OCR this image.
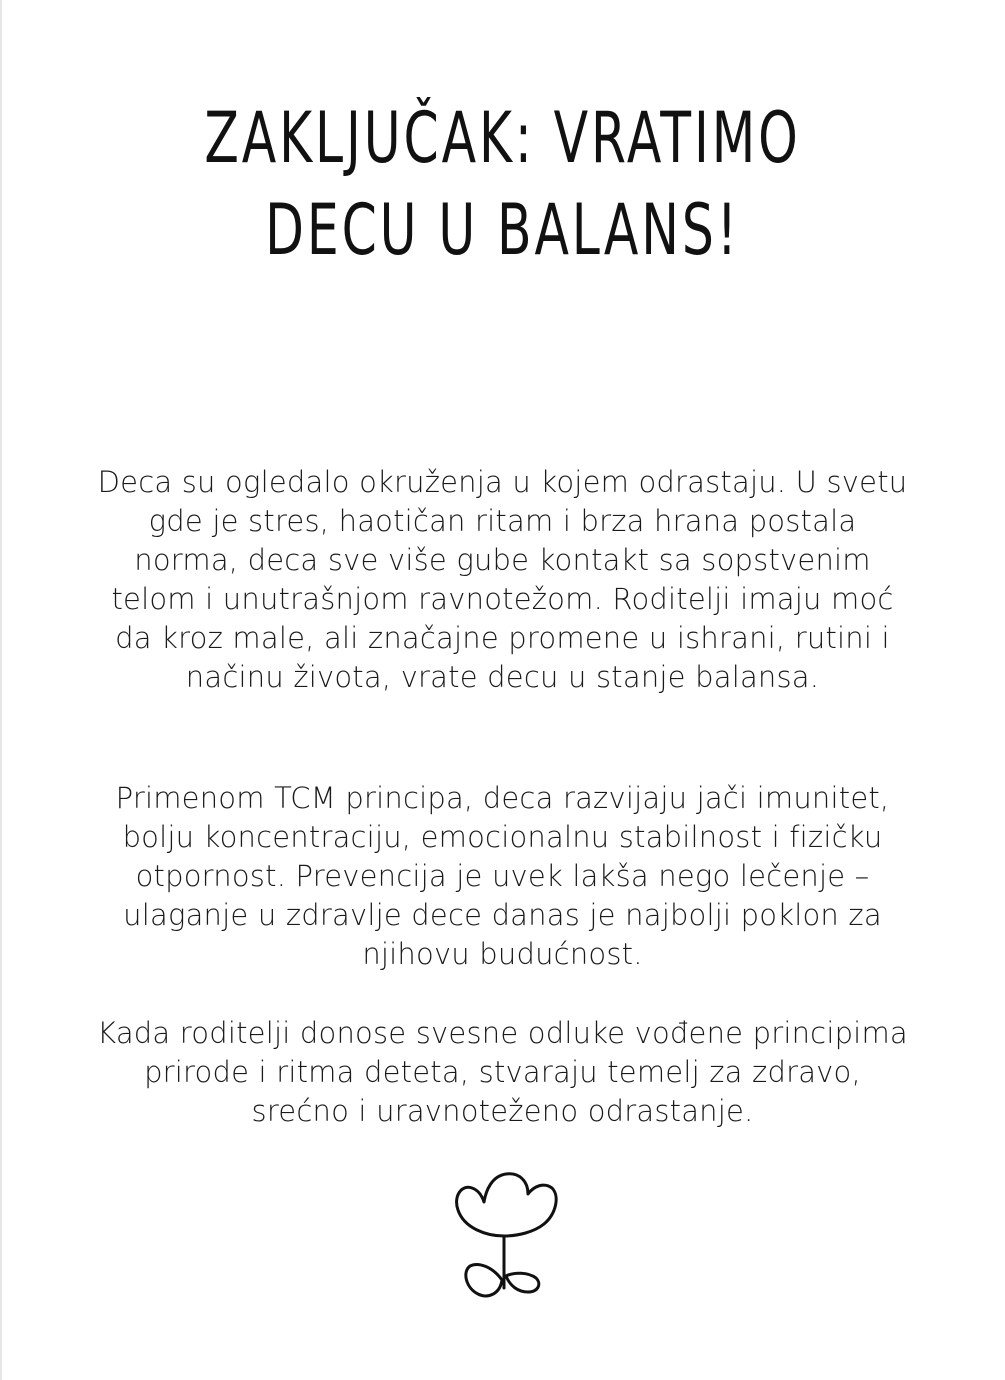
ZAKLJUČAK: VRATIMO DECU U BALANS!

Deca su ogledalo okruženja u kojem odrastaju. U svetu gde je stres, haotičan ritam i brza hrana postala norma, deca sve više gube kontakt sa sopstvenim telom i unutrašnjom ravnotežom. Roditelji imaju moć da kroz male, ali značajne promene u ishrani, rutini i načinu života, vrate decu u stanje balansa.

Primenom TCM principa, deca razvijaju jači imunitet, bolju koncentraciju, emocionalnu stabilnost i fizičku otpornost. Prevencija je uvek lakša nego lečenje – ulaganje u zdravlje dece danas je najbolji poklon za njihovu budućnost.

Kada roditelji donose svesne odluke vođene principima prirode i ritma deteta, stvaraju temelj za zdravo, srećno i uravnoteženo odrastanje.
